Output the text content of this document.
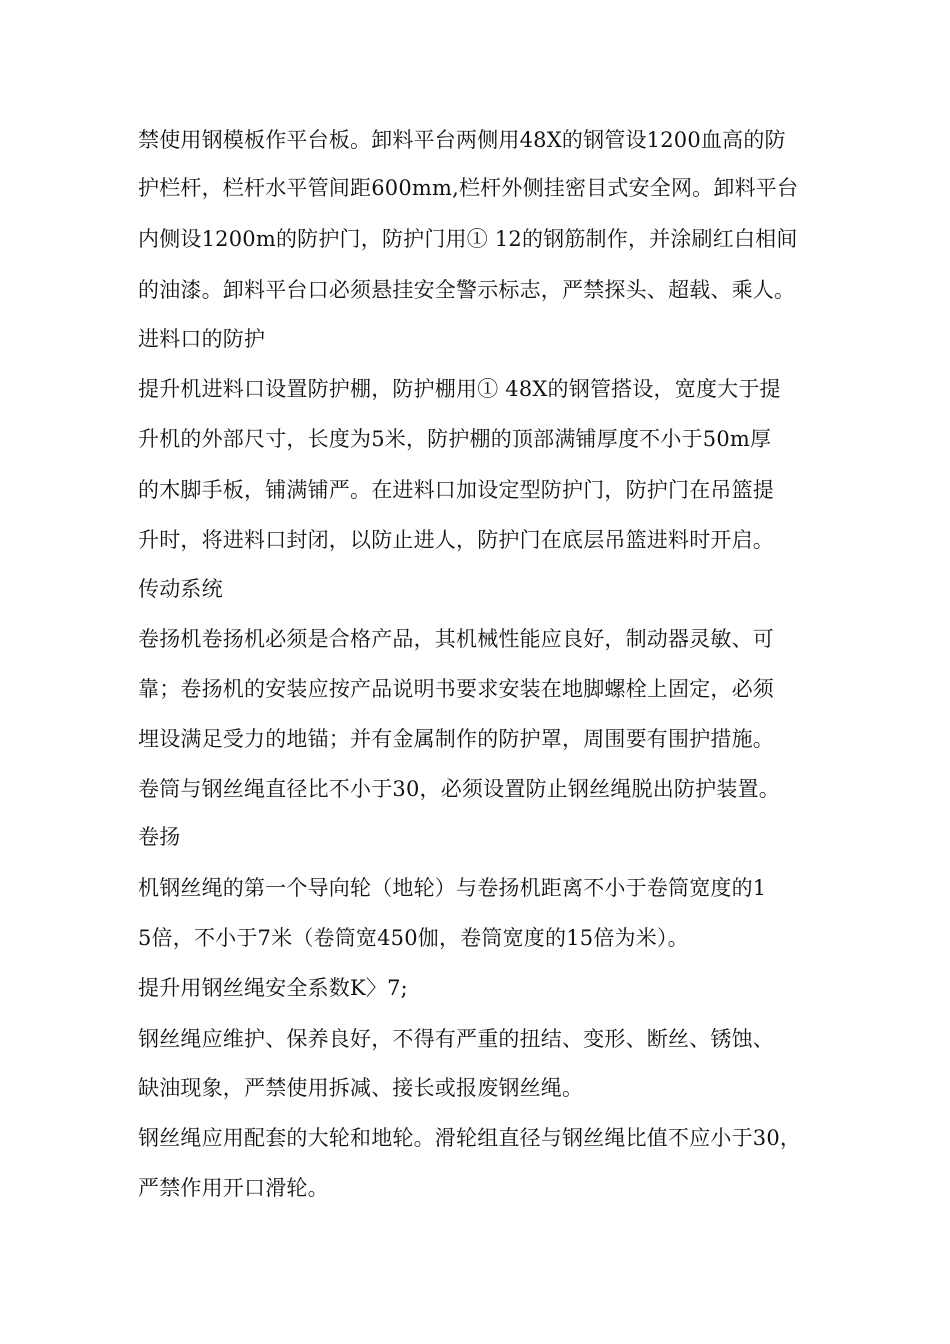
禁使用钢模板作平台板。卸料平台两侧用48X的钢管设1200血高的防
护栏杆，栏杆水平管间距600mm,栏杆外侧挂密目式安全网。卸料平台
内侧设1200m的防护门，防护门用① 12的钢筋制作，并涂刷红白相间
的油漆。卸料平台口必须悬挂安全警示标志，严禁探头、超载、乘人。
进料口的防护
提升机进料口设置防护棚，防护棚用① 48X的钢管搭设，宽度大于提
升机的外部尺寸，长度为5米，防护棚的顶部满铺厚度不小于50m厚
的木脚手板，铺满铺严。在进料口加设定型防护门，防护门在吊篮提
升时，将进料口封闭，以防止进人，防护门在底层吊篮进料时开启。
传动系统
卷扬机卷扬机必须是合格产品，其机械性能应良好，制动器灵敏、可
靠；卷扬机的安装应按产品说明书要求安装在地脚螺栓上固定，必须
埋设满足受力的地锚；并有金属制作的防护罩，周围要有围护措施。
卷筒与钢丝绳直径比不小于30，必须设置防止钢丝绳脱出防护装置。
卷扬
机钢丝绳的第一个导向轮（地轮）与卷扬机距离不小于卷筒宽度的1
5倍，不小于7米（卷筒宽450伽，卷筒宽度的15倍为米）。
提升用钢丝绳安全系数K〉7;
钢丝绳应维护、保养良好，不得有严重的扭结、变形、断丝、锈蚀、
缺油现象，严禁使用拆减、接长或报废钢丝绳。
钢丝绳应用配套的大轮和地轮。滑轮组直径与钢丝绳比值不应小于30，
严禁作用开口滑轮。
